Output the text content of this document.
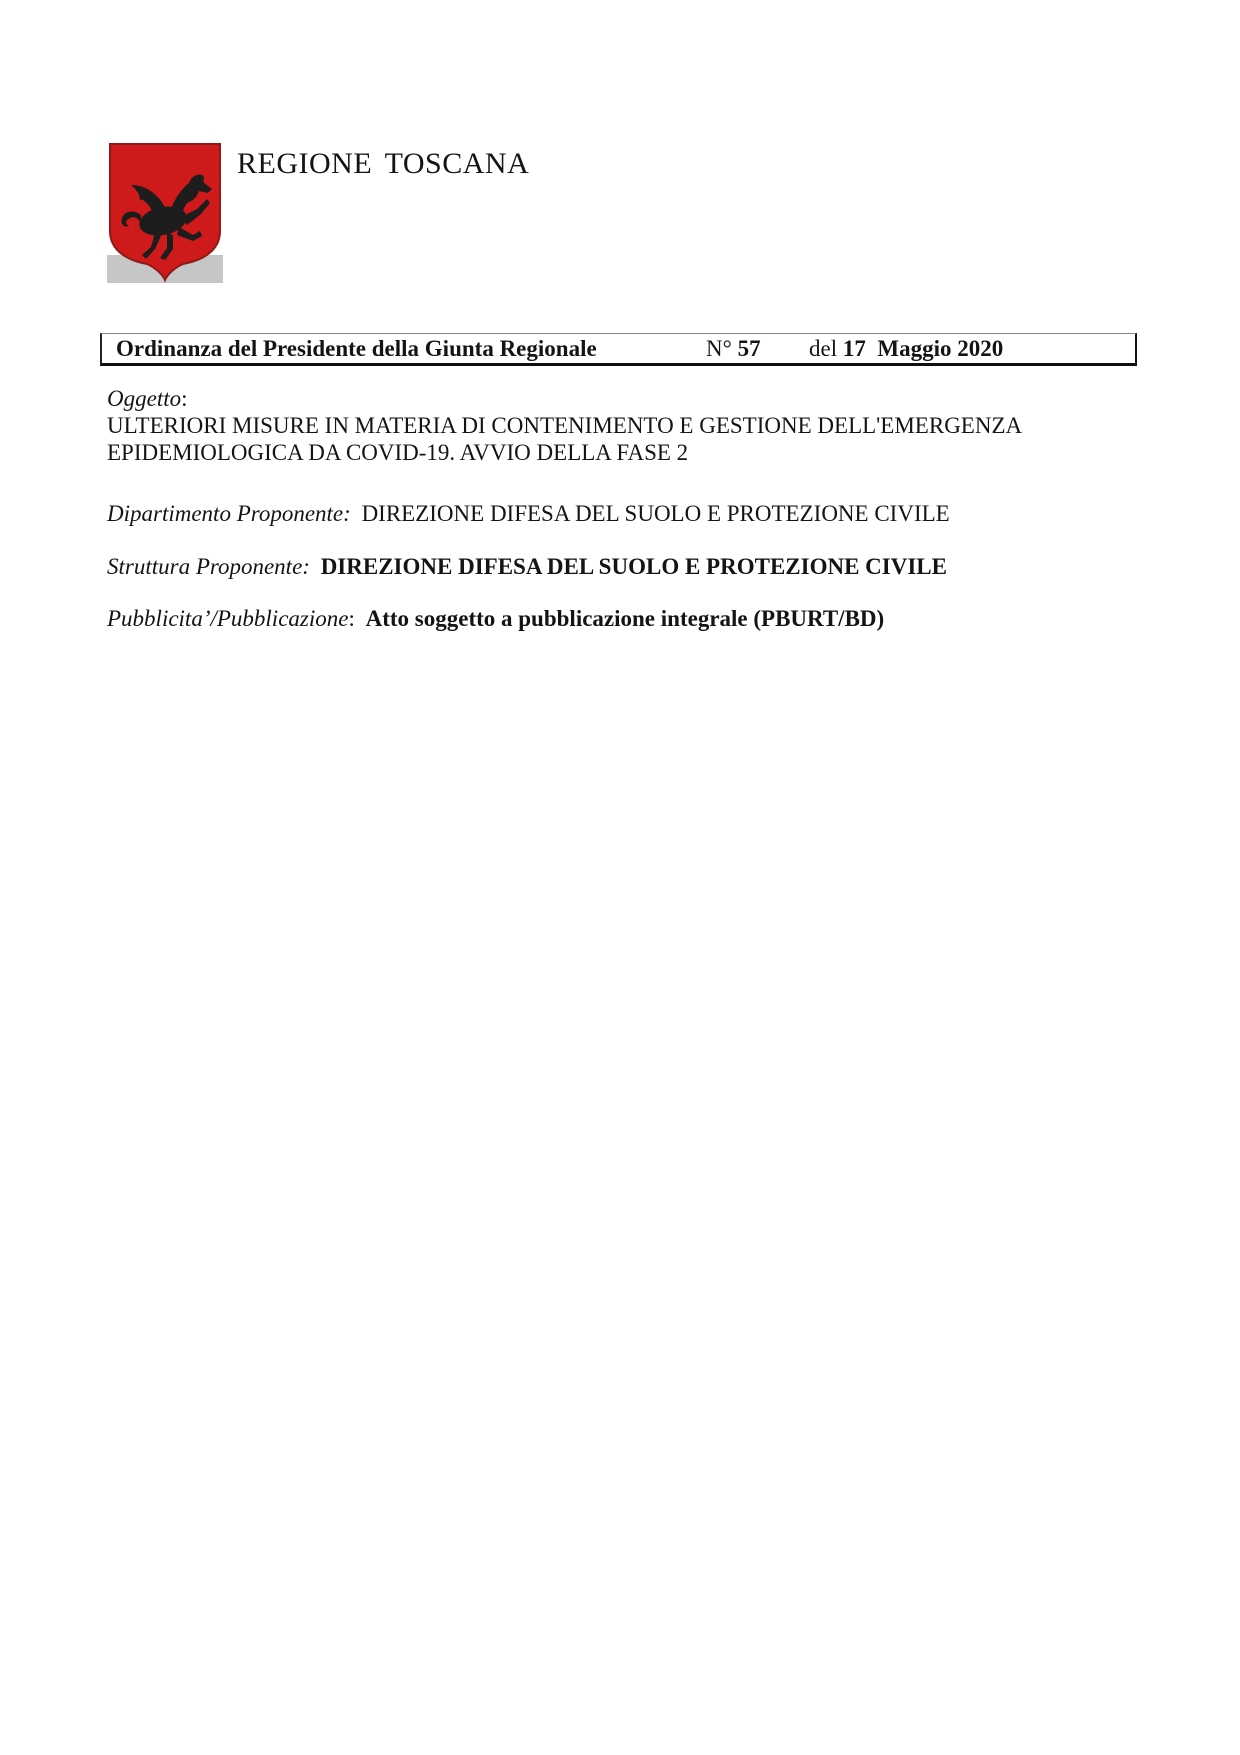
REGIONE TOSCANA
Ordinanza del Presidente della Giunta Regionale	N° 57 del 17  Maggio 2020
Oggetto:
ULTERIORI MISURE IN MATERIA DI CONTENIMENTO E GESTIONE DELL'EMERGENZA
EPIDEMIOLOGICA DA COVID-19. AVVIO DELLA FASE 2
Dipartimento Proponente: DIREZIONE DIFESA DEL SUOLO E PROTEZIONE CIVILE
Struttura Proponente: DIREZIONE DIFESA DEL SUOLO E PROTEZIONE CIVILE
Pubblicita’/Pubblicazione: Atto soggetto a pubblicazione integrale (PBURT/BD)
